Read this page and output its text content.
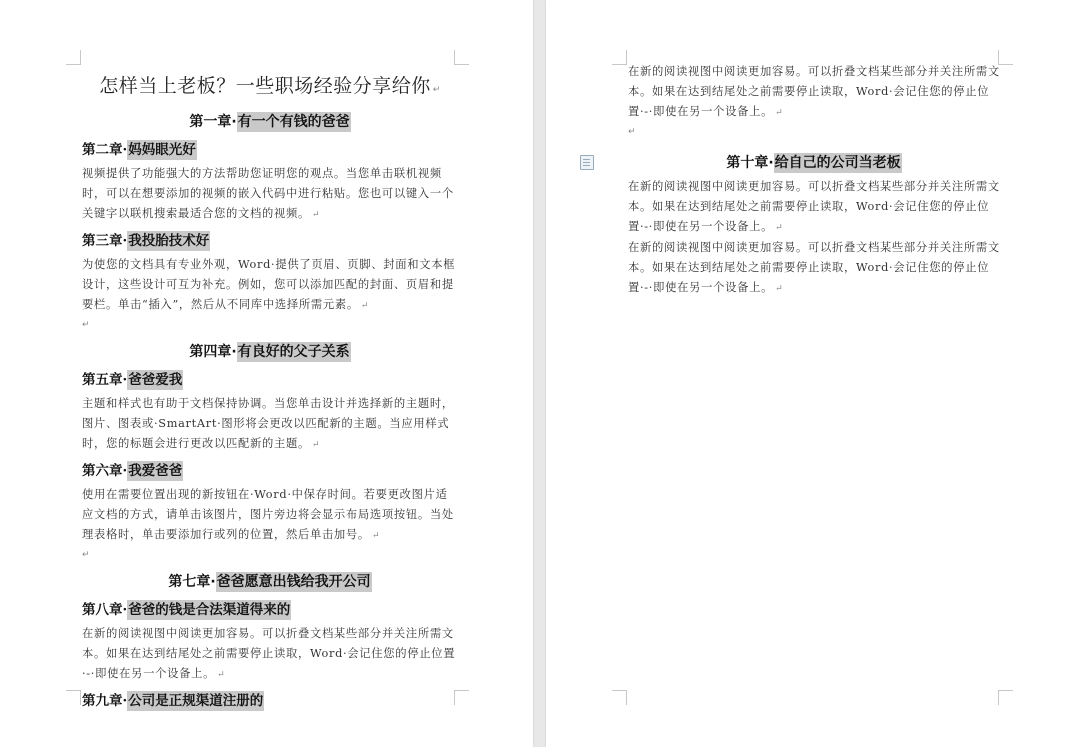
怎样当上老板？一些职场经验分享给你 ↵
第一章·有一个有钱的爸爸
第二章·妈妈眼光好

视频提供了功能强大的方法帮助您证明您的观点。当您单击联机视频时，可以在想要添加的视频的嵌入代码中进行粘贴。您也可以键入一个关键字以联机搜索最适合您的文档的视频。 ↵

第三章·我投胎技术好

为使您的文档具有专业外观，Word·提供了页眉、页脚、封面和文本框设计，这些设计可互为补充。例如，您可以添加匹配的封面、页眉和提要栏。单击“插入”，然后从不同库中选择所需元素。 ↵

↵
第四章·有良好的父子关系
第五章·爸爸爱我

主题和样式也有助于文档保持协调。当您单击设计并选择新的主题时，图片、图表或·SmartArt·图形将会更改以匹配新的主题。当应用样式时，您的标题会进行更改以匹配新的主题。 ↵

第六章·我爱爸爸

使用在需要位置出现的新按钮在·Word·中保存时间。若要更改图片适应文档的方式，请单击该图片，图片旁边将会显示布局选项按钮。当处理表格时，单击要添加行或列的位置，然后单击加号。 ↵

↵
第七章·爸爸愿意出钱给我开公司
第八章·爸爸的钱是合法渠道得来的

在新的阅读视图中阅读更加容易。可以折叠文档某些部分并关注所需文本。如果在达到结尾处之前需要停止读取，Word·会记住您的停止位置·-·即使在另一个设备上。 ↵

第九章·公司是正规渠道注册的

在新的阅读视图中阅读更加容易。可以折叠文档某些部分并关注所需文本。如果在达到结尾处之前需要停止读取，Word·会记住您的停止位置·-·即使在另一个设备上。 ↵

↵
第十章·给自己的公司当老板

在新的阅读视图中阅读更加容易。可以折叠文档某些部分并关注所需文本。如果在达到结尾处之前需要停止读取，Word·会记住您的停止位置·-·即使在另一个设备上。 ↵

在新的阅读视图中阅读更加容易。可以折叠文档某些部分并关注所需文本。如果在达到结尾处之前需要停止读取，Word·会记住您的停止位置·-·即使在另一个设备上。 ↵
